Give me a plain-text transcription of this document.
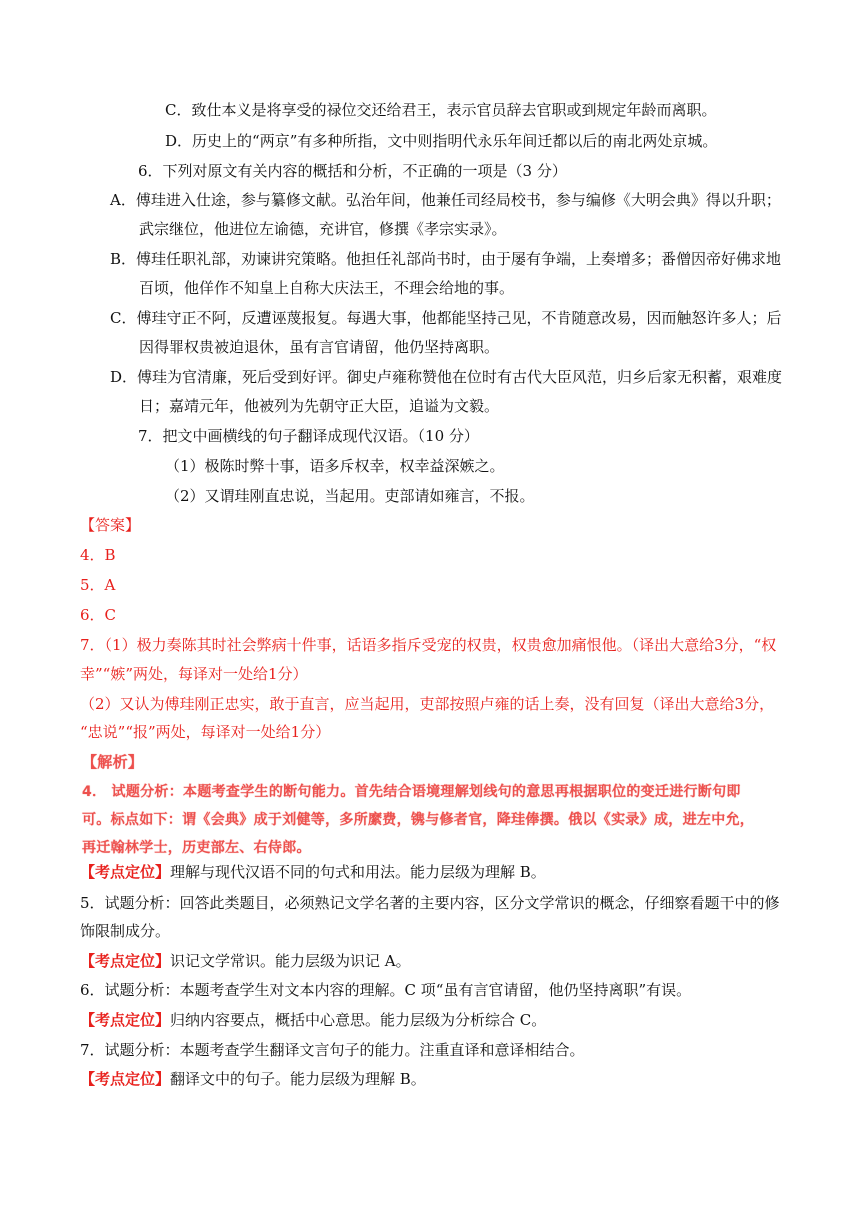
C．致仕本义是将享受的禄位交还给君王，表示官员辞去官职或到规定年龄而离职。
D．历史上的“两京”有多种所指，文中则指明代永乐年间迁都以后的南北两处京城。
6．下列对原文有关内容的概括和分析，不正确的一项是（3 分）
A．傅珪进入仕途，参与纂修文献。弘治年间，他兼任司经局校书，参与编修《大明会典》得以升职；
武宗继位，他进位左谕德，充讲官，修撰《孝宗实录》。
B．傅珪任职礼部，劝谏讲究策略。他担任礼部尚书时，由于屡有争端，上奏增多；番僧因帝好佛求地
百顷，他佯作不知皇上自称大庆法王，不理会给地的事。
C．傅珪守正不阿，反遭诬蔑报复。每遇大事，他都能坚持己见，不肯随意改易，因而触怒许多人；后
因得罪权贵被迫退休，虽有言官请留，他仍坚持离职。
D．傅珪为官清廉，死后受到好评。御史卢雍称赞他在位时有古代大臣风范，归乡后家无积蓄，艰难度
日；嘉靖元年，他被列为先朝守正大臣，追谥为文毅。
7．把文中画横线的句子翻译成现代汉语。（10 分）
（1）极陈时弊十事，语多斥权幸，权幸益深嫉之。
（2）又谓珪刚直忠说，当起用。吏部请如雍言，不报。
【答案】
4．B
5．A
6．C
7．（1）极力奏陈其时社会弊病十件事，话语多指斥受宠的权贵，权贵愈加痛恨他。（译出大意给3分，“权
幸”“嫉”两处，每译对一处给1分）
（2）又认为傅珪刚正忠实，敢于直言，应当起用，吏部按照卢雍的话上奏，没有回复（译出大意给3分，
“忠说”“报”两处，每译对一处给1分）
【解析】
4． 试题分析：本题考查学生的断句能力。首先结合语境理解划线句的意思再根据职位的变迁进行断句即
可。标点如下：谓《会典》成于刘健等，多所縻费，镌与修者官，降珪俸撰。俄以《实录》成，进左中允，
再迁翰林学士，历吏部左、右侍郎。
【考点定位】理解与现代汉语不同的句式和用法。能力层级为理解 B。
5．试题分析：回答此类题目，必须熟记文学名著的主要内容，区分文学常识的概念，仔细察看题干中的修
饰限制成分。
【考点定位】识记文学常识。能力层级为识记 A。
6．试题分析：本题考查学生对文本内容的理解。C 项“虽有言官请留，他仍坚持离职”有误。
【考点定位】归纳内容要点，概括中心意思。能力层级为分析综合 C。
7．试题分析：本题考查学生翻译文言句子的能力。注重直译和意译相结合。
【考点定位】翻译文中的句子。能力层级为理解 B。
